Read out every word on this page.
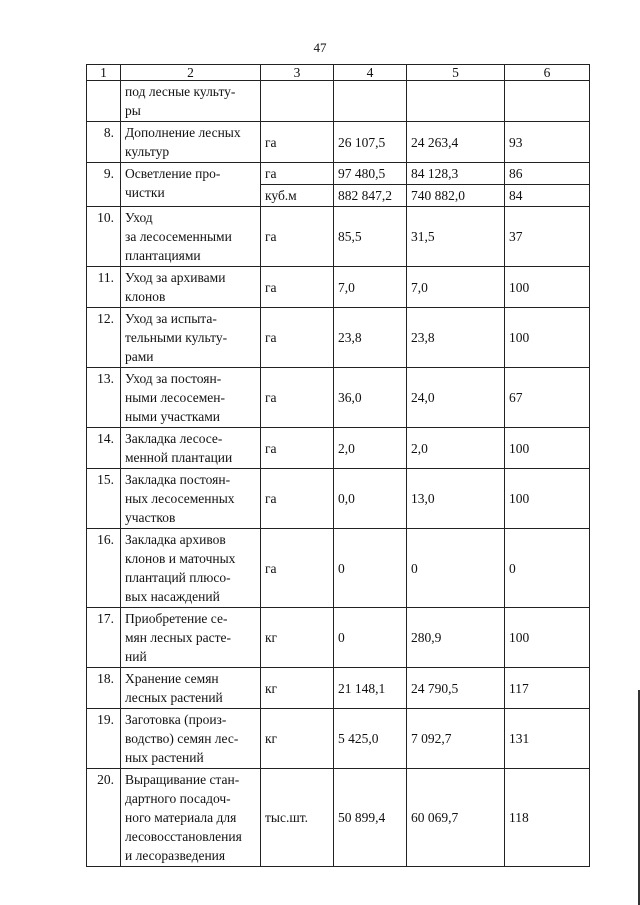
47
1	2	3	4	5	6
	под лесные культу-
ры				
8.	Дополнение лесных
культур	га	26 107,5	24 263,4	93
9.	Осветление про-
чистки	га	97 480,5	84 128,3	86
		куб.м	882 847,2	740 882,0	84
10.	Уход
за лесосеменными
плантациями	га	85,5	31,5	37
11.	Уход за архивами
клонов	га	7,0	7,0	100
12.	Уход за испыта-
тельными культу-
рами	га	23,8	23,8	100
13.	Уход за постоян-
ными лесосемен-
ными участками	га	36,0	24,0	67
14.	Закладка лесосе-
менной плантации	га	2,0	2,0	100
15.	Закладка постоян-
ных лесосеменных
участков	га	0,0	13,0	100
16.	Закладка архивов
клонов и маточных
плантаций плюсо-
вых насаждений	га	0	0	0
17.	Приобретение се-
мян лесных расте-
ний	кг	0	280,9	100
18.	Хранение семян
лесных растений	кг	21 148,1	24 790,5	117
19.	Заготовка (произ-
водство) семян лес-
ных растений	кг	5 425,0	7 092,7	131
20.	Выращивание стан-
дартного посадоч-
ного материала для
лесовосстановления
и лесоразведения	тыс.шт.	50 899,4	60 069,7	118
